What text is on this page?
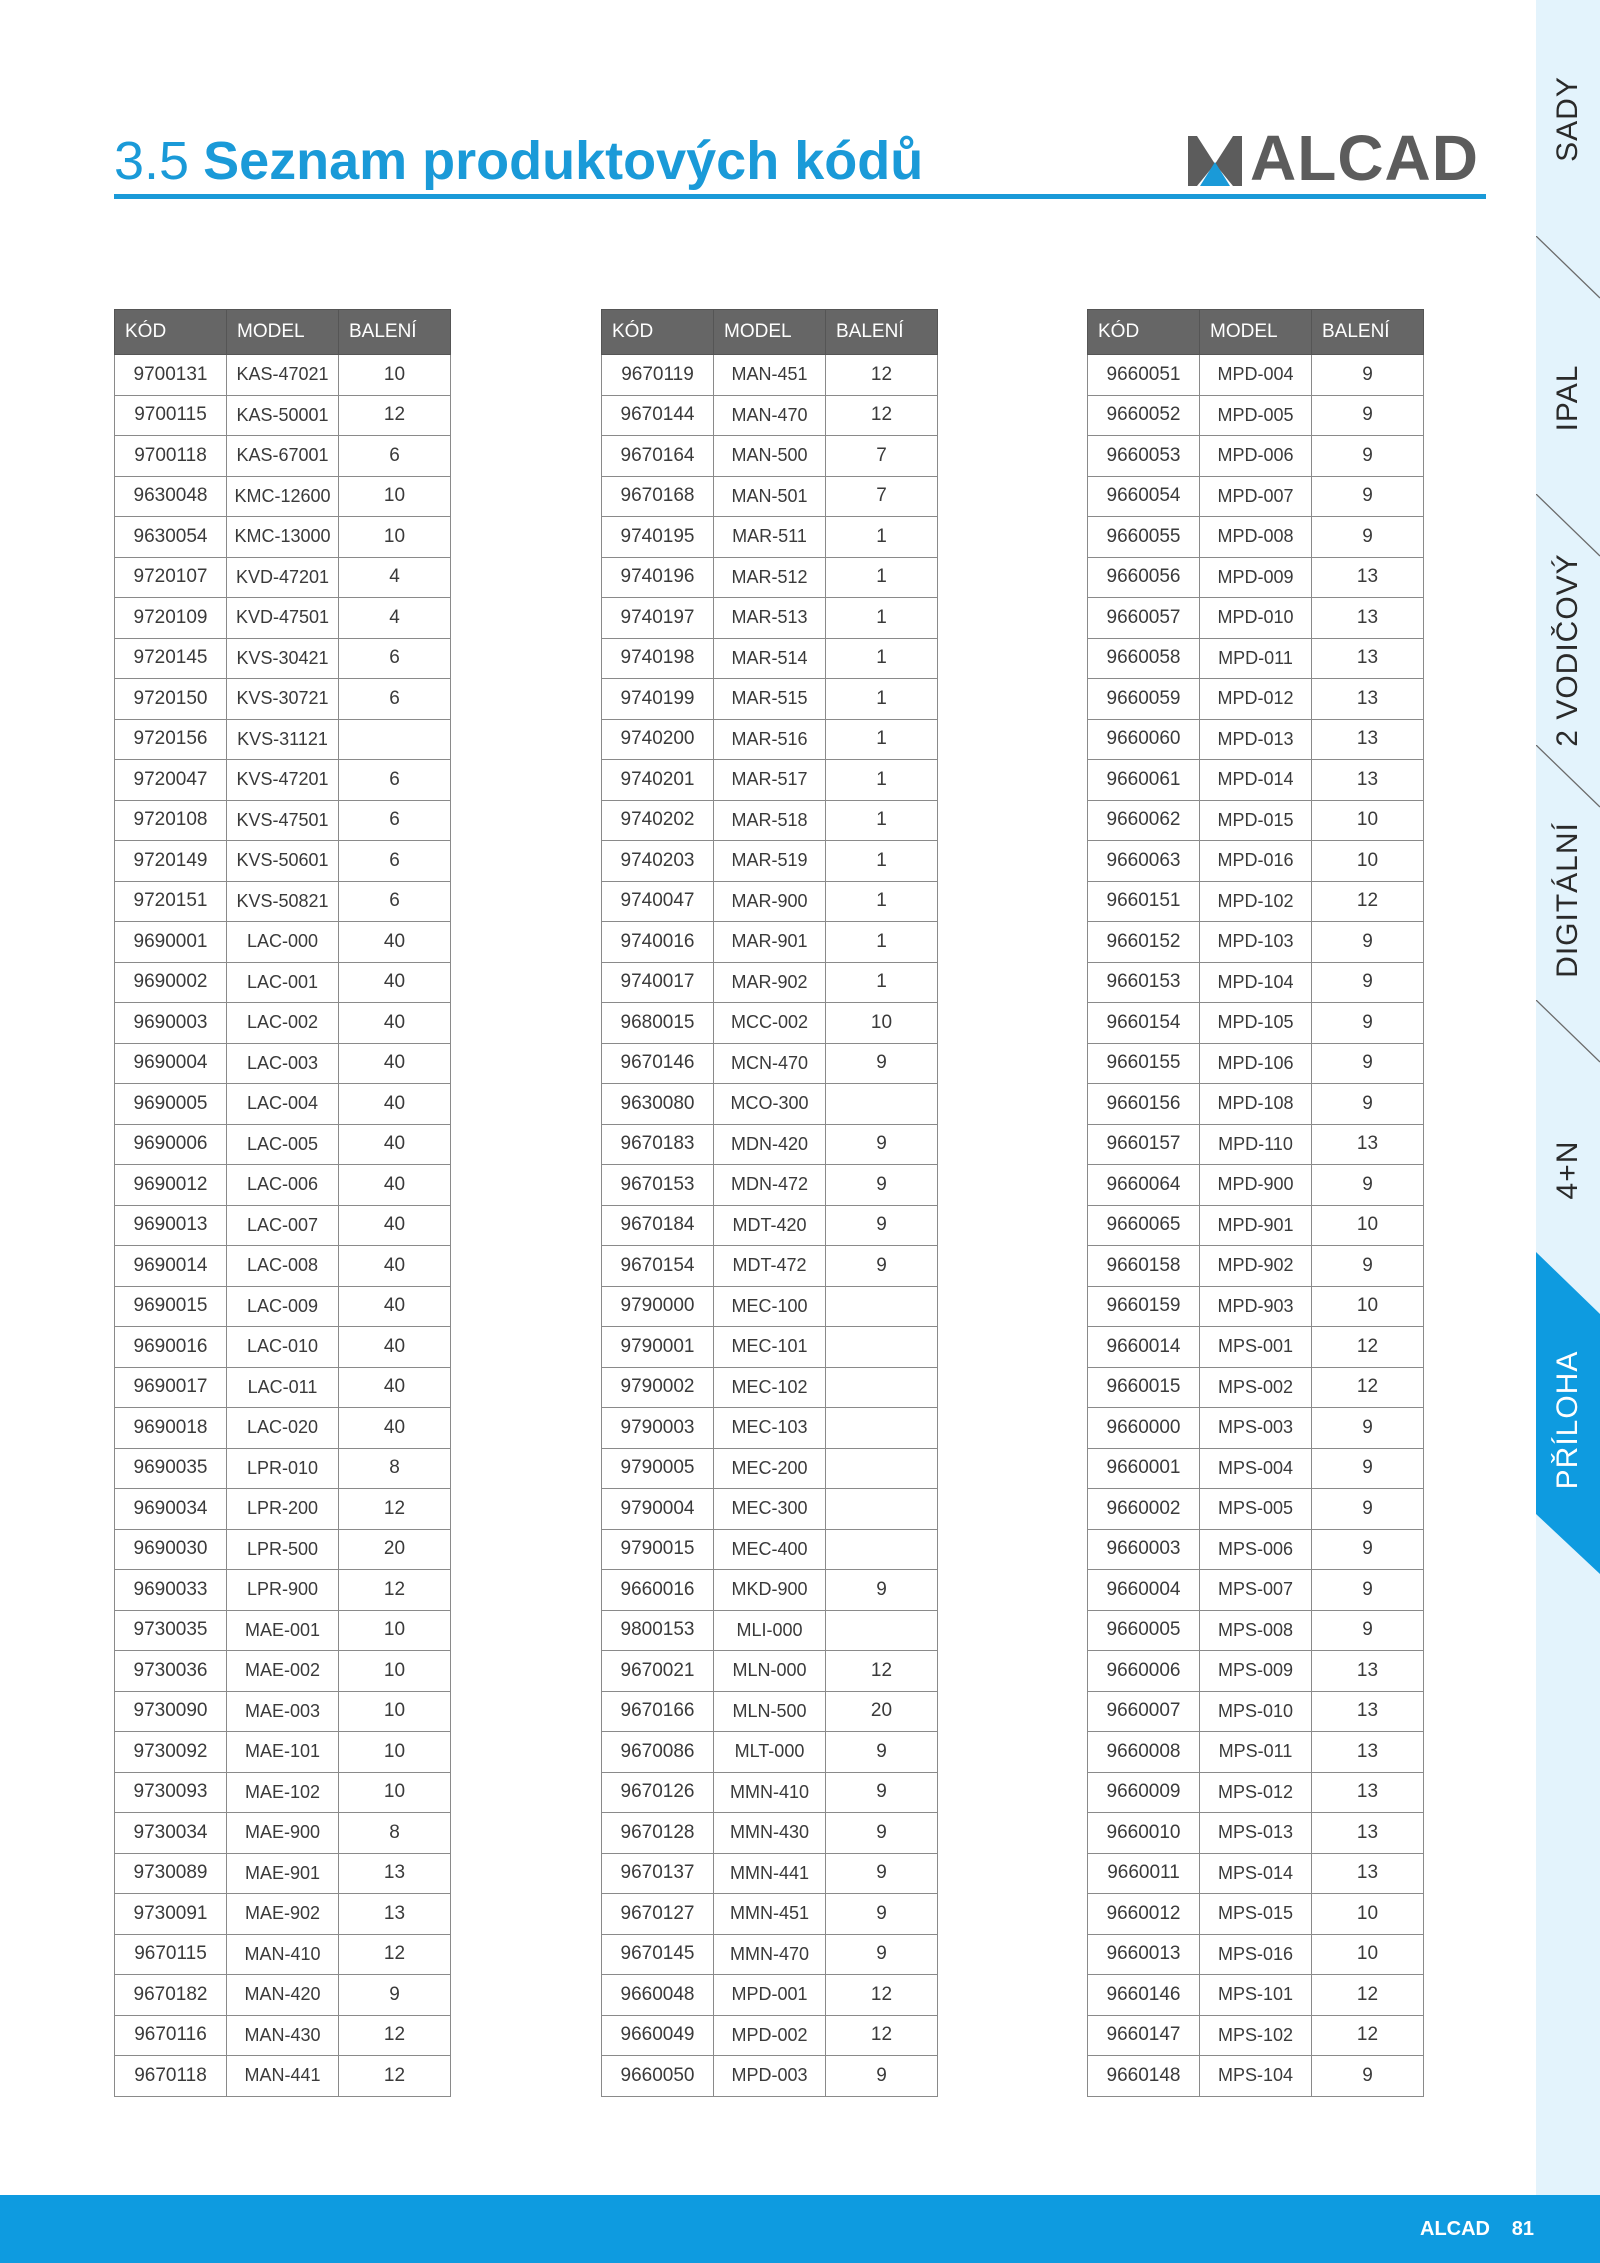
3.5 Seznam produktových kódů	ALCAD
KÓD	MODEL	BALENÍ
9700131	KAS-47021	10
9700115	KAS-50001	12
9700118	KAS-67001	6
9630048	KMC-12600	10
9630054	KMC-13000	10
9720107	KVD-47201	4
9720109	KVD-47501	4
9720145	KVS-30421	6
9720150	KVS-30721	6
9720156	KVS-31121	
9720047	KVS-47201	6
9720108	KVS-47501	6
9720149	KVS-50601	6
9720151	KVS-50821	6
9690001	LAC-000	40
9690002	LAC-001	40
9690003	LAC-002	40
9690004	LAC-003	40
9690005	LAC-004	40
9690006	LAC-005	40
9690012	LAC-006	40
9690013	LAC-007	40
9690014	LAC-008	40
9690015	LAC-009	40
9690016	LAC-010	40
9690017	LAC-011	40
9690018	LAC-020	40
9690035	LPR-010	8
9690034	LPR-200	12
9690030	LPR-500	20
9690033	LPR-900	12
9730035	MAE-001	10
9730036	MAE-002	10
9730090	MAE-003	10
9730092	MAE-101	10
9730093	MAE-102	10
9730034	MAE-900	8
9730089	MAE-901	13
9730091	MAE-902	13
9670115	MAN-410	12
9670182	MAN-420	9
9670116	MAN-430	12
9670118	MAN-441	12
KÓD	MODEL	BALENÍ
9670119	MAN-451	12
9670144	MAN-470	12
9670164	MAN-500	7
9670168	MAN-501	7
9740195	MAR-511	1
9740196	MAR-512	1
9740197	MAR-513	1
9740198	MAR-514	1
9740199	MAR-515	1
9740200	MAR-516	1
9740201	MAR-517	1
9740202	MAR-518	1
9740203	MAR-519	1
9740047	MAR-900	1
9740016	MAR-901	1
9740017	MAR-902	1
9680015	MCC-002	10
9670146	MCN-470	9
9630080	MCO-300	
9670183	MDN-420	9
9670153	MDN-472	9
9670184	MDT-420	9
9670154	MDT-472	9
9790000	MEC-100	
9790001	MEC-101	
9790002	MEC-102	
9790003	MEC-103	
9790005	MEC-200	
9790004	MEC-300	
9790015	MEC-400	
9660016	MKD-900	9
9800153	MLI-000	
9670021	MLN-000	12
9670166	MLN-500	20
9670086	MLT-000	9
9670126	MMN-410	9
9670128	MMN-430	9
9670137	MMN-441	9
9670127	MMN-451	9
9670145	MMN-470	9
9660048	MPD-001	12
9660049	MPD-002	12
9660050	MPD-003	9
KÓD	MODEL	BALENÍ
9660051	MPD-004	9
9660052	MPD-005	9
9660053	MPD-006	9
9660054	MPD-007	9
9660055	MPD-008	9
9660056	MPD-009	13
9660057	MPD-010	13
9660058	MPD-011	13
9660059	MPD-012	13
9660060	MPD-013	13
9660061	MPD-014	13
9660062	MPD-015	10
9660063	MPD-016	10
9660151	MPD-102	12
9660152	MPD-103	9
9660153	MPD-104	9
9660154	MPD-105	9
9660155	MPD-106	9
9660156	MPD-108	9
9660157	MPD-110	13
9660064	MPD-900	9
9660065	MPD-901	10
9660158	MPD-902	9
9660159	MPD-903	10
9660014	MPS-001	12
9660015	MPS-002	12
9660000	MPS-003	9
9660001	MPS-004	9
9660002	MPS-005	9
9660003	MPS-006	9
9660004	MPS-007	9
9660005	MPS-008	9
9660006	MPS-009	13
9660007	MPS-010	13
9660008	MPS-011	13
9660009	MPS-012	13
9660010	MPS-013	13
9660011	MPS-014	13
9660012	MPS-015	10
9660013	MPS-016	10
9660146	MPS-101	12
9660147	MPS-102	12
9660148	MPS-104	9
SADY
IPAL
2 VODIČOVÝ
DIGITÁLNÍ
4+N
PŘÍLOHA
ALCAD 81
